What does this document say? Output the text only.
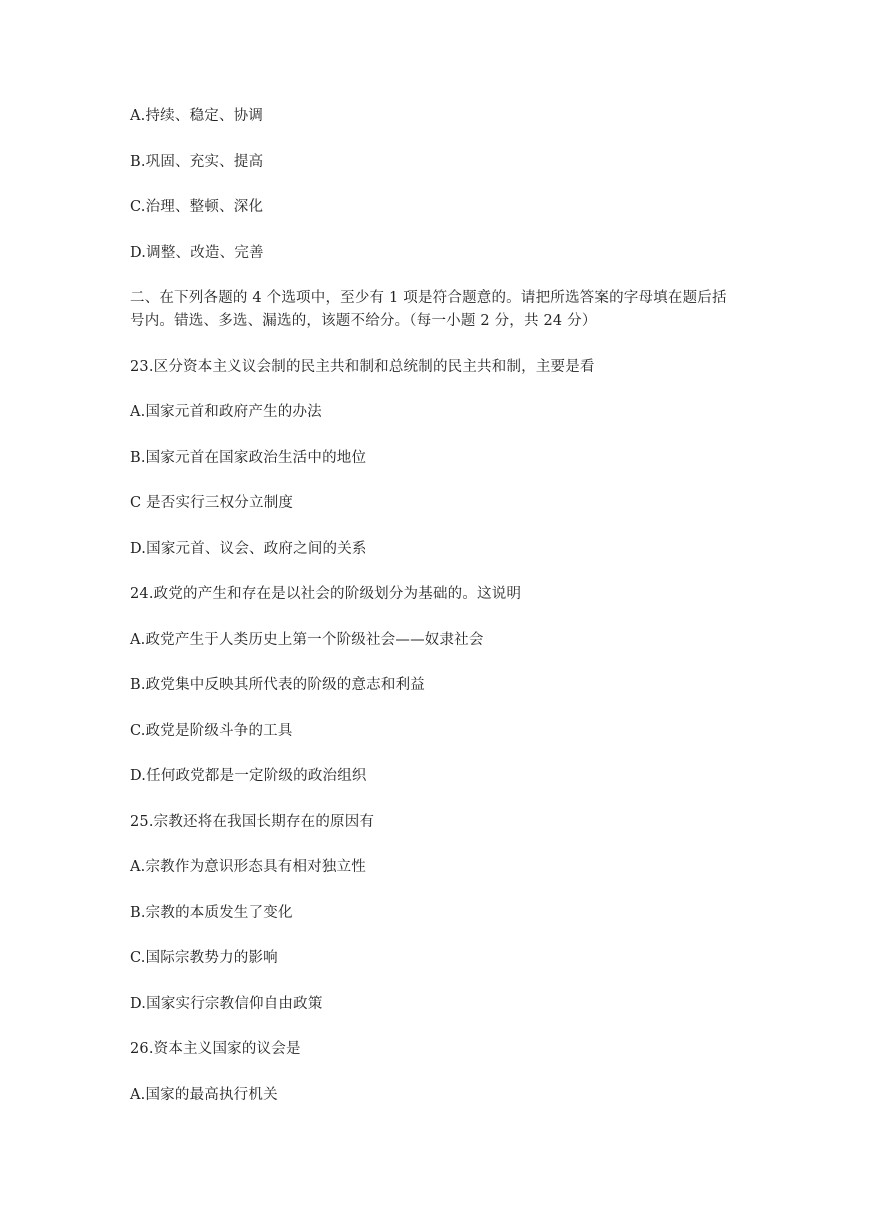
A.持续、稳定、协调
B.巩固、充实、提高
C.治理、整顿、深化
D.调整、改造、完善
二、在下列各题的 4 个选项中，至少有 1 项是符合题意的。请把所选答案的字母填在题后括
号内。错选、多选、漏选的，该题不给分。（每一小题 2 分，共 24 分）
23.区分资本主义议会制的民主共和制和总统制的民主共和制，主要是看
A.国家元首和政府产生的办法
B.国家元首在国家政治生活中的地位
C 是否实行三权分立制度
D.国家元首、议会、政府之间的关系
24.政党的产生和存在是以社会的阶级划分为基础的。这说明
A.政党产生于人类历史上第一个阶级社会——奴隶社会
B.政党集中反映其所代表的阶级的意志和利益
C.政党是阶级斗争的工具
D.任何政党都是一定阶级的政治组织
25.宗教还将在我国长期存在的原因有
A.宗教作为意识形态具有相对独立性
B.宗教的本质发生了变化
C.国际宗教势力的影响
D.国家实行宗教信仰自由政策
26.资本主义国家的议会是
A.国家的最高执行机关
